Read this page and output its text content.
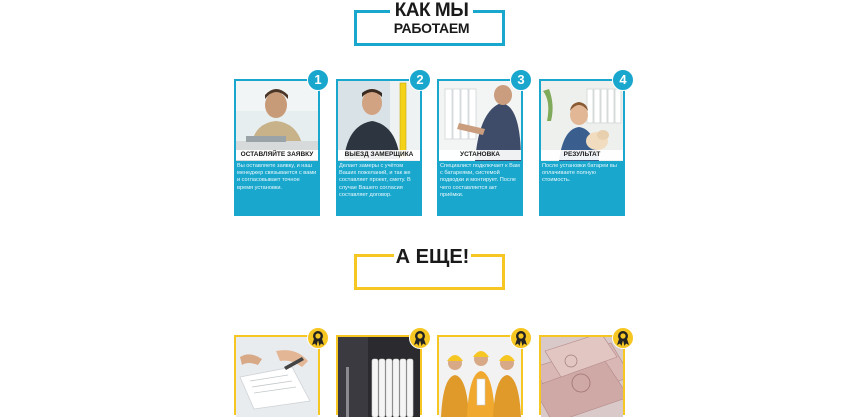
КАК МЫ
РАБОТАЕМ
ОСТАВЛЯЙТЕ ЗАЯВКУ
Вы оставляете заявку, и наш менеджер связывается с вами и согласовывает точное время установки.
1
ВЫЕЗД ЗАМЕРЩИКА
Делает замеры с учётом Ваших пожеланий, и так же составляет проект, смету. В случае Вашего согласия составляет договор.
2
УСТАНОВКА
Специалист подключает к Вам с батареями, системой подводки и монтирует. После чего составляется акт приёмки.
3
РЕЗУЛЬТАТ
После установки батареи вы оплачиваете полную стоимость.
4
А ЕЩЕ!
